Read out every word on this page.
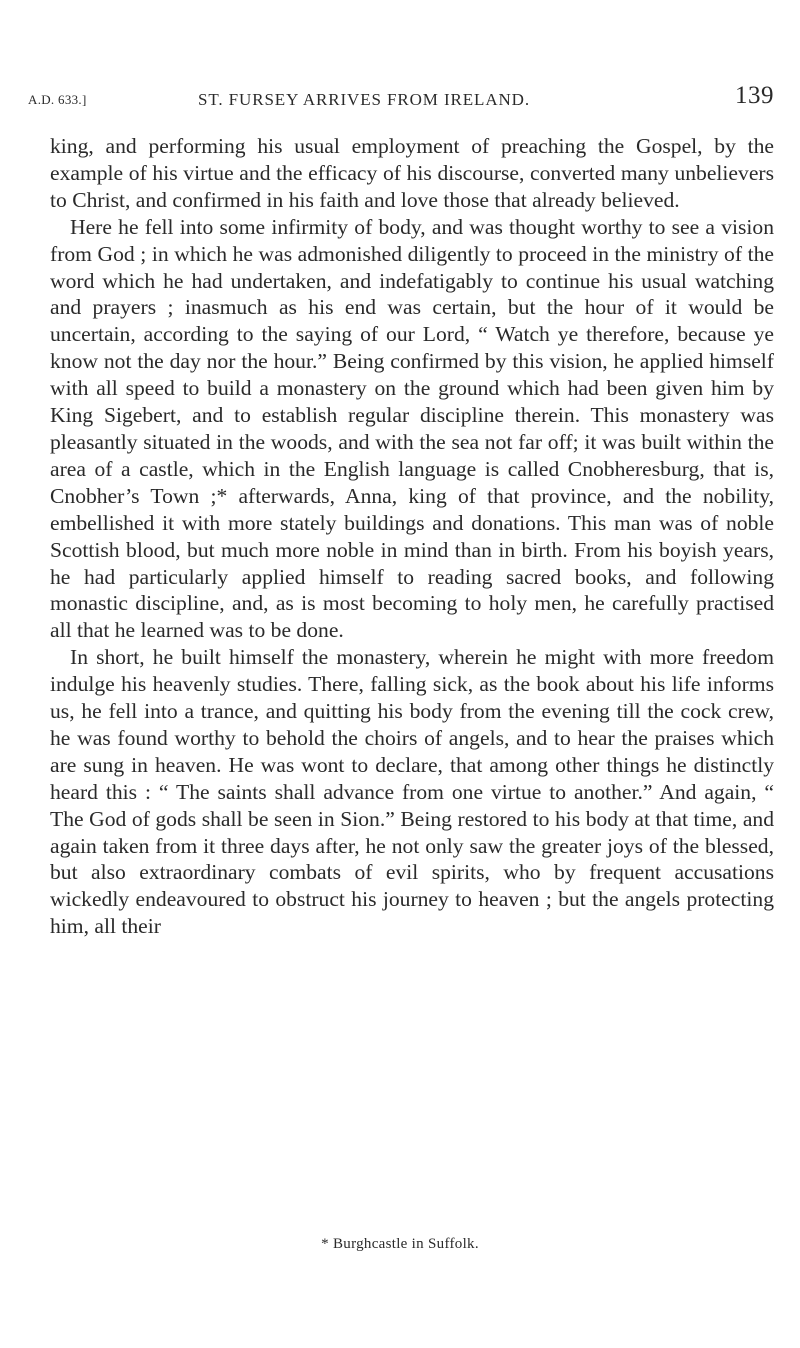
A.D. 633.]	ST. FURSEY ARRIVES FROM IRELAND.	139

king, and performing his usual employment of preaching the Gospel, by the example of his virtue and the efficacy of his discourse, converted many unbelievers to Christ, and confirmed in his faith and love those that already believed.

Here he fell into some infirmity of body, and was thought worthy to see a vision from God ; in which he was admonished diligently to proceed in the ministry of the word which he had undertaken, and indefatigably to continue his usual watching and prayers ; inasmuch as his end was certain, but the hour of it would be uncertain, according to the saying of our Lord, “ Watch ye therefore, because ye know not the day nor the hour.” Being confirmed by this vision, he applied himself with all speed to build a monastery on the ground which had been given him by King Sigebert, and to establish regular discipline therein. This monastery was pleasantly situated in the woods, and with the sea not far off; it was built within the area of a castle, which in the English language is called Cnobheresburg, that is, Cnobher’s Town ;* afterwards, Anna, king of that province, and the nobility, embellished it with more stately buildings and donations. This man was of noble Scottish blood, but much more noble in mind than in birth. From his boyish years, he had particularly applied himself to reading sacred books, and following monastic discipline, and, as is most becoming to holy men, he carefully practised all that he learned was to be done.

In short, he built himself the monastery, wherein he might with more freedom indulge his heavenly studies. There, falling sick, as the book about his life informs us, he fell into a trance, and quitting his body from the evening till the cock crew, he was found worthy to behold the choirs of angels, and to hear the praises which are sung in heaven. He was wont to declare, that among other things he distinctly heard this : “ The saints shall advance from one virtue to another.” And again, “ The God of gods shall be seen in Sion.” Being restored to his body at that time, and again taken from it three days after, he not only saw the greater joys of the blessed, but also extraordinary combats of evil spirits, who by frequent accusations wickedly endeavoured to obstruct his journey to heaven ; but the angels protecting him, all their

* Burghcastle in Suffolk.
